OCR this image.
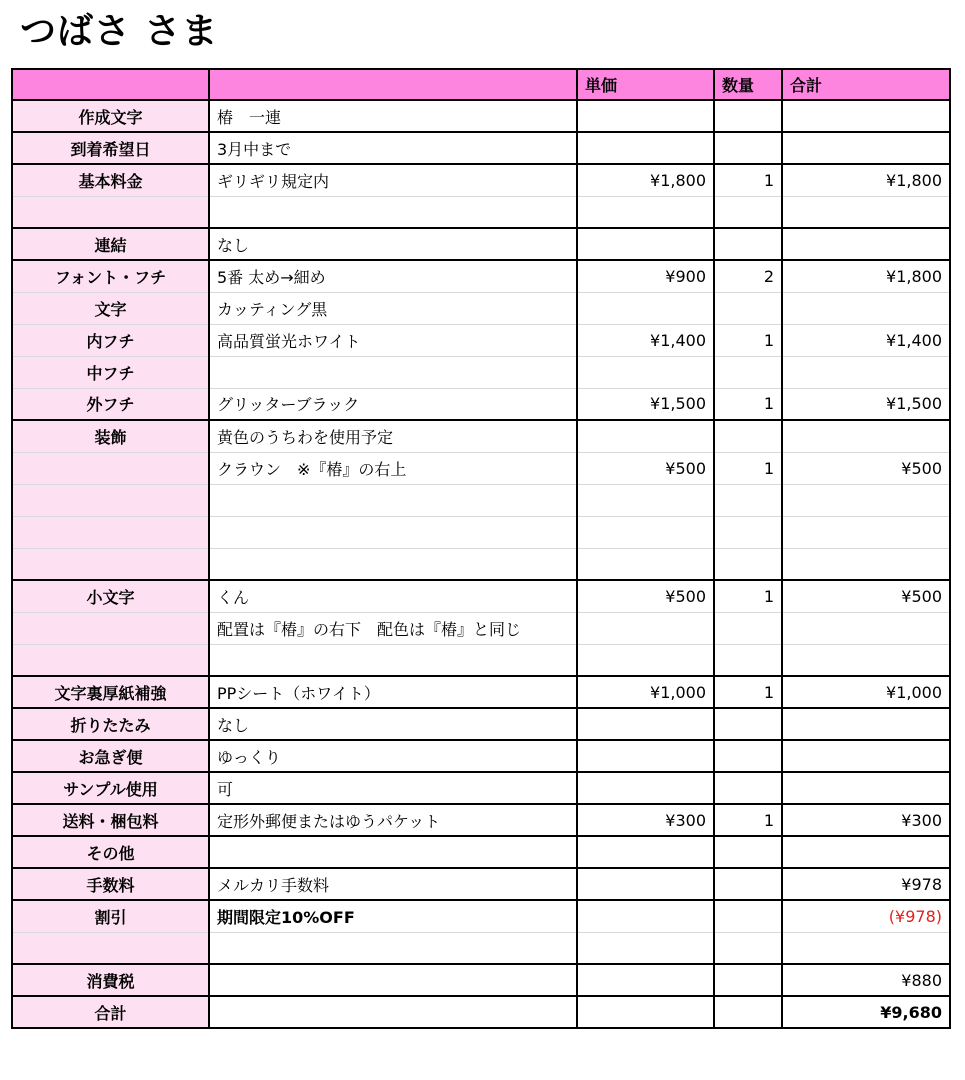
つばさ さま
		単価	数量	合計
作成文字	椿　一連			
到着希望日	3月中まで			
基本料金	ギリギリ規定内	¥1,800	1	¥1,800

連結	なし			
フォント・フチ	5番 太め→細め	¥900	2	¥1,800
文字	カッティング黒			
内フチ	高品質蛍光ホワイト	¥1,400	1	¥1,400
中フチ				
外フチ	グリッターブラック	¥1,500	1	¥1,500
装飾	黄色のうちわを使用予定			
	クラウン　※『椿』の右上	¥500	1	¥500

小文字	くん	¥500	1	¥500
	配置は『椿』の右下　配色は『椿』と同じ			

文字裏厚紙補強	PPシート（ホワイト）	¥1,000	1	¥1,000
折りたたみ	なし			
お急ぎ便	ゆっくり			
サンプル使用	可			
送料・梱包料	定形外郵便またはゆうパケット	¥300	1	¥300
その他				
手数料	メルカリ手数料			¥978
割引	期間限定10%OFF			(¥978)

消費税				¥880
合計				¥9,680
